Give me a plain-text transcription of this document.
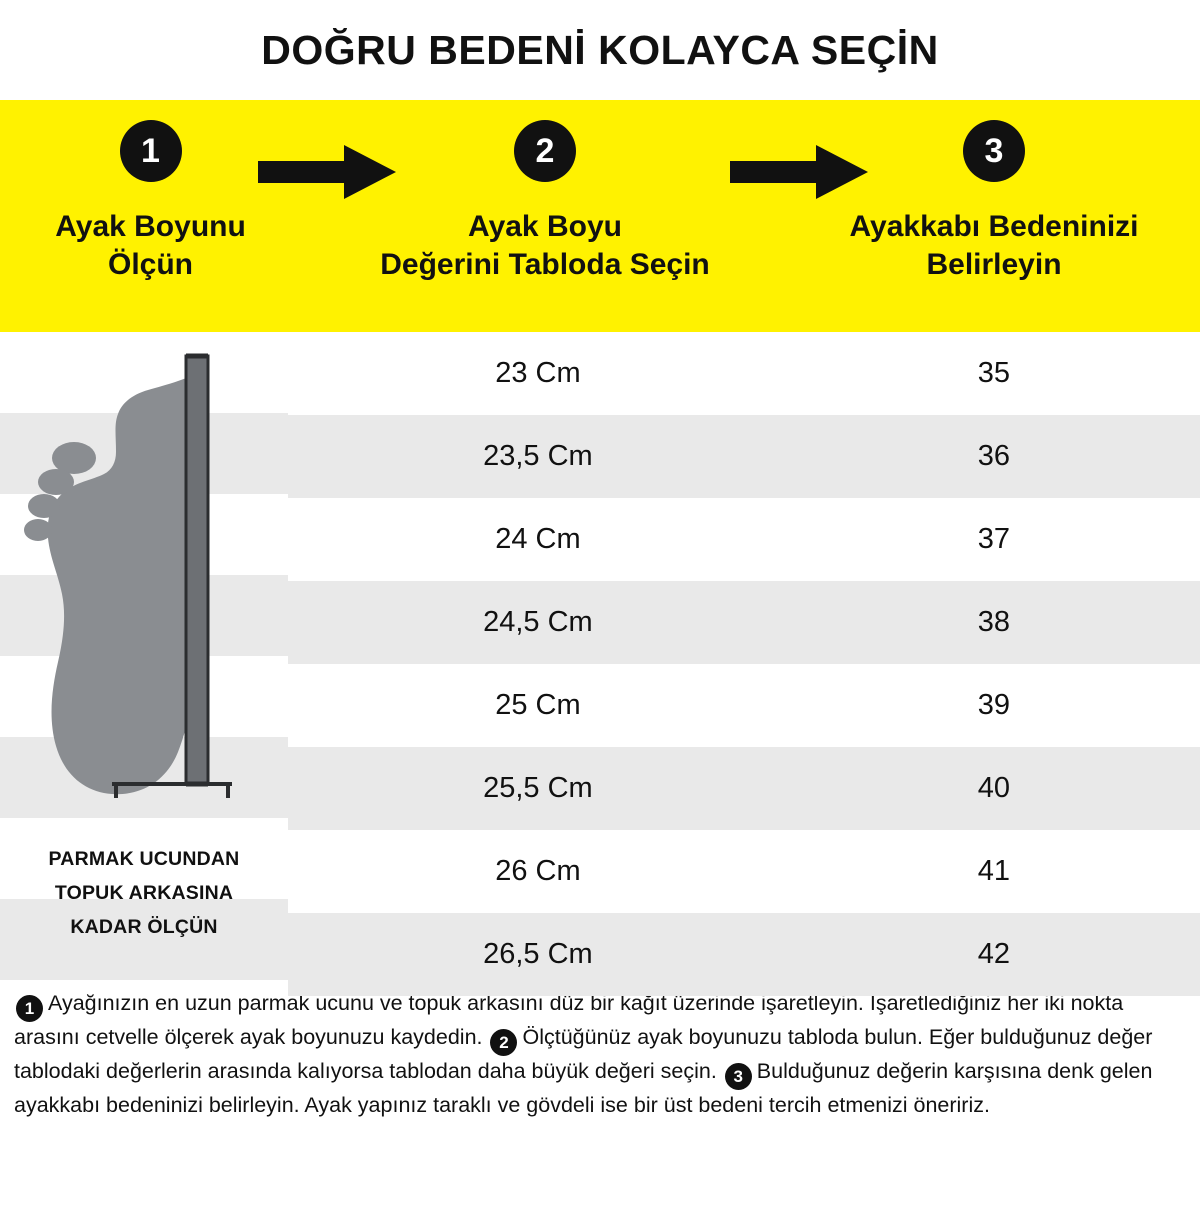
DOĞRU BEDENİ KOLAYCA SEÇİN
1
Ayak Boyunu
Ölçün
2
Ayak Boyu
Değerini Tabloda Seçin
3
Ayakkabı Bedeninizi
Belirleyin
PARMAK UCUNDAN
TOPUK ARKASINA
KADAR ÖLÇÜN
23 Cm	35
23,5 Cm	36
24 Cm	37
24,5 Cm	38
25 Cm	39
25,5 Cm	40
26 Cm	41
26,5 Cm	42
1 Ayağınızın en uzun parmak ucunu ve topuk arkasını düz bir kağıt üzerinde işaretleyin. İşaretlediğiniz her iki nokta arasını cetvelle ölçerek ayak boyunuzu kaydedin. 2 Ölçtüğünüz ayak boyunuzu tabloda bulun. Eğer bulduğunuz değer tablodaki değerlerin arasında kalıyorsa tablodan daha büyük değeri seçin. 3 Bulduğunuz değerin karşısına denk gelen ayakkabı bedeninizi belirleyin. Ayak yapınız taraklı ve gövdeli ise bir üst bedeni tercih etmenizi öneririz.
